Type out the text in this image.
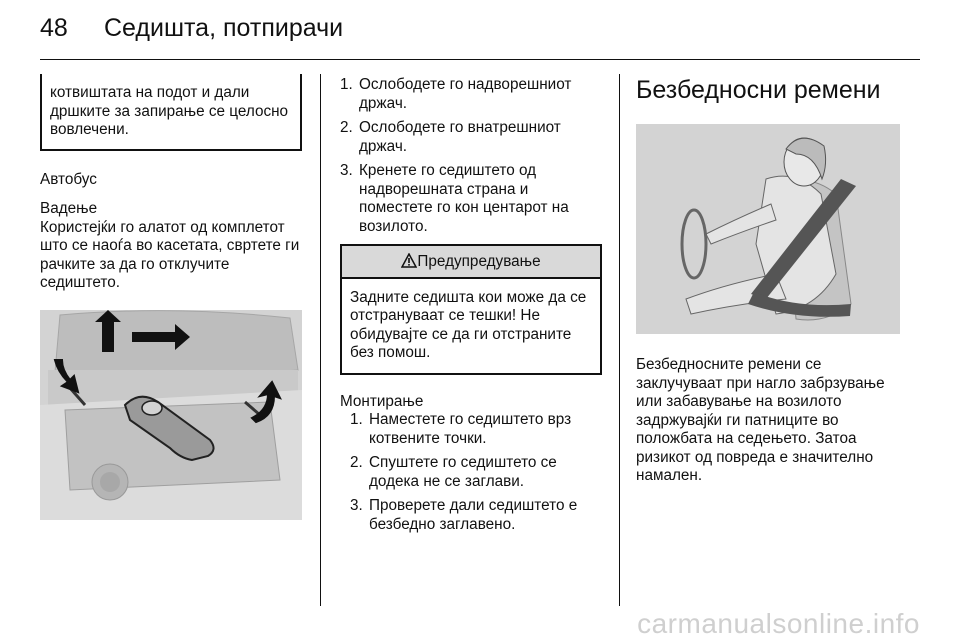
48 Седишта, потпирачи

котвиштата на подот и дали дршките за запирање се целосно вовлечени.

Автобус

Вадење

Користејќи го алатот од комплетот што се наоѓа во касетата, свртете ги рачките за да го отклучите седиштето.

1. Ослободете го надворешниот држач.
2. Ослободете го внатрешниот држач.
3. Кренете го седиштето од надворешната страна и поместете го кон центарот на возилото.
Предупредување
Задните седишта кои може да се отстрануваат се тешки! Не обидувајте се да ги отстраните без помош.

Монтирање

1. Наместете го седиштето врз котвените точки.
2. Спуштете го седиштето се додека не се заглави.
3. Проверете дали седиштето е безбедно заглавено.

Безбедносни ремени

Безбедносните ремени се заклучуваат при нагло забрзување или забавување на возилото задржувајќи ги патниците во положбата на седењето. Затоа ризикот од повреда е значително намален.

carmanualsonline.info
